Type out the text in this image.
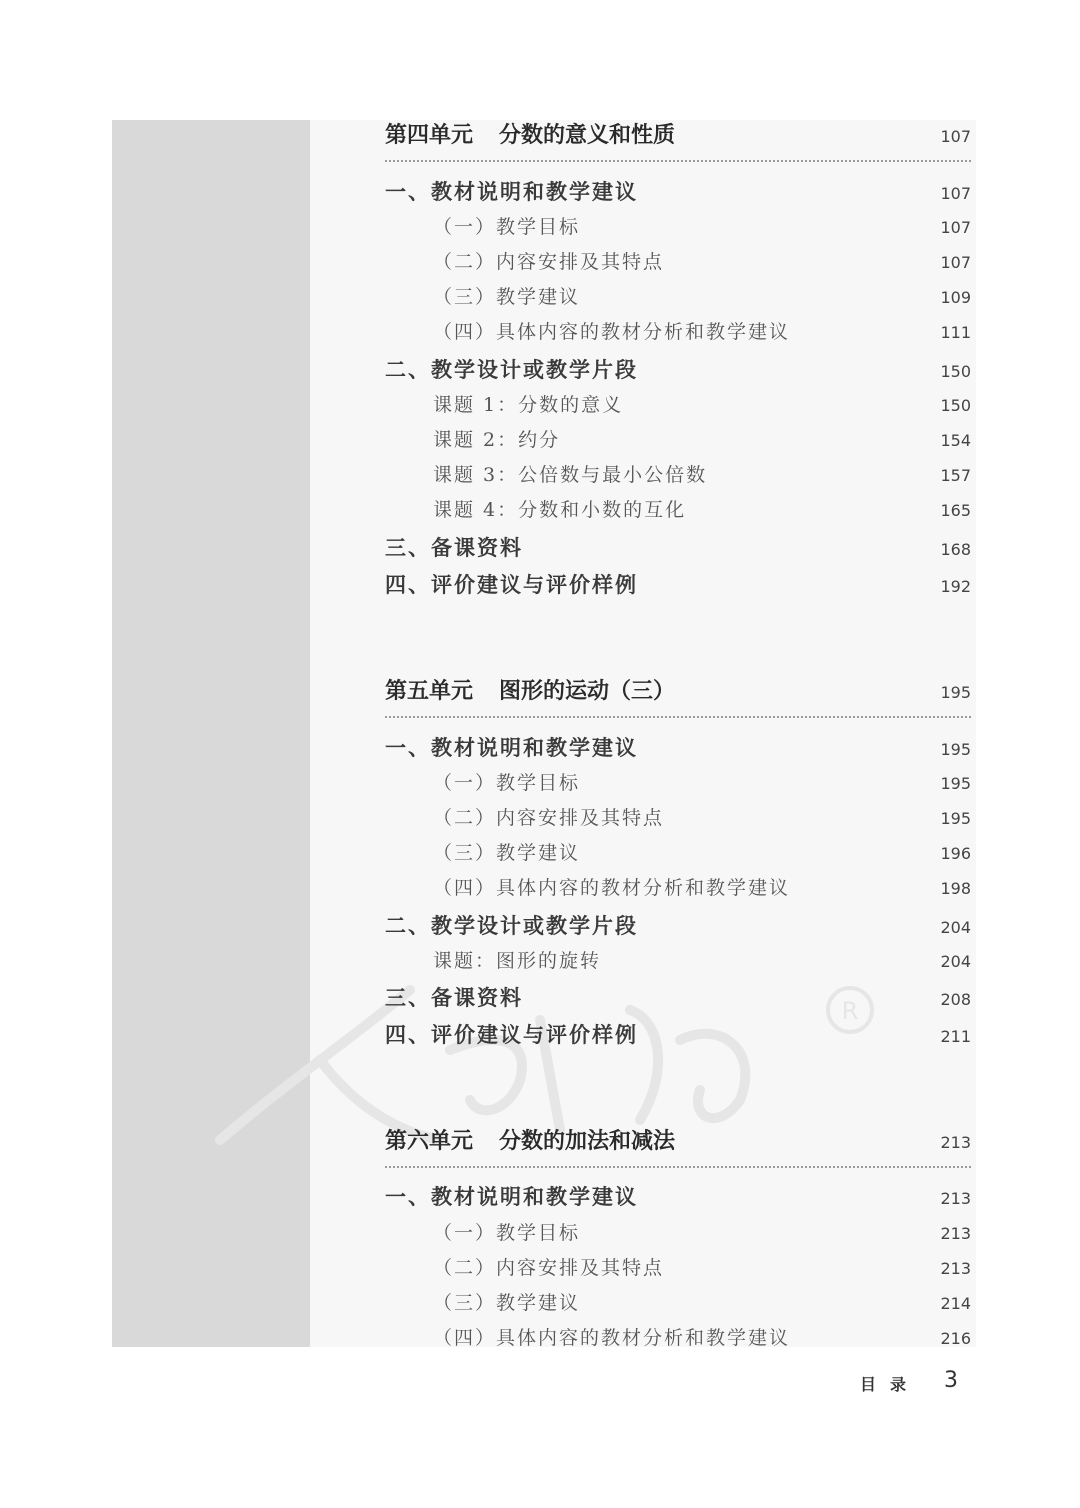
R
第四单元 分数的意义和性质	107
一、教材说明和教学建议	107
（一）教学目标	107
（二）内容安排及其特点	107
（三）教学建议	109
（四）具体内容的教材分析和教学建议	111
二、教学设计或教学片段	150
课题 1：分数的意义	150
课题 2：约分	154
课题 3：公倍数与最小公倍数	157
课题 4：分数和小数的互化	165
三、备课资料	168
四、评价建议与评价样例	192
第五单元 图形的运动（三）	195
一、教材说明和教学建议	195
（一）教学目标	195
（二）内容安排及其特点	195
（三）教学建议	196
（四）具体内容的教材分析和教学建议	198
二、教学设计或教学片段	204
课题：图形的旋转	204
三、备课资料	208
四、评价建议与评价样例	211
第六单元 分数的加法和减法	213
一、教材说明和教学建议	213
（一）教学目标	213
（二）内容安排及其特点	213
（三）教学建议	214
（四）具体内容的教材分析和教学建议	216
目录 3
